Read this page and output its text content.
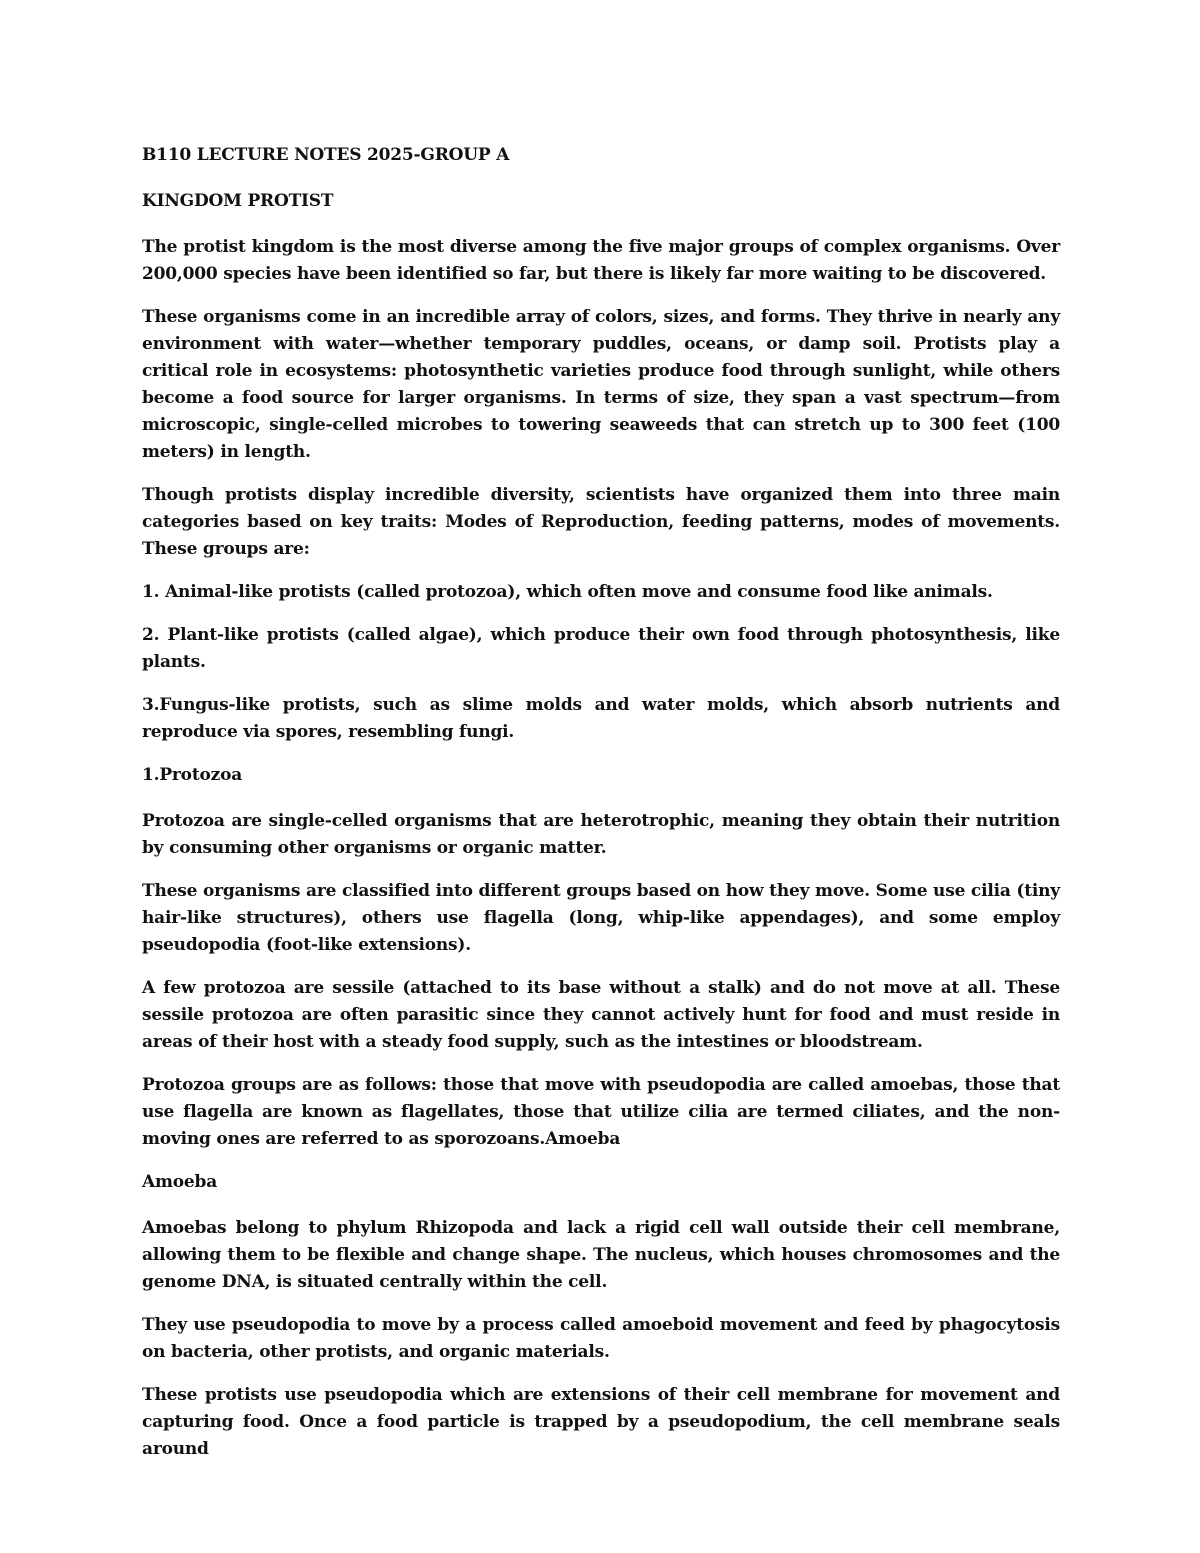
B110 LECTURE NOTES 2025-GROUP A

KINGDOM PROTIST

The protist kingdom is the most diverse among the five major groups of complex organisms. Over 200,000 species have been identified so far, but there is likely far more waiting to be discovered.

These organisms come in an incredible array of colors, sizes, and forms. They thrive in nearly any environment with water—whether temporary puddles, oceans, or damp soil. Protists play a critical role in ecosystems: photosynthetic varieties produce food through sunlight, while others become a food source for larger organisms. In terms of size, they span a vast spectrum—from microscopic, single-celled microbes to towering seaweeds that can stretch up to 300 feet (100 meters) in length.

Though protists display incredible diversity, scientists have organized them into three main categories based on key traits: Modes of Reproduction, feeding patterns, modes of movements. These groups are:

1. Animal-like protists (called protozoa), which often move and consume food like animals.

2. Plant-like protists (called algae), which produce their own food through photosynthesis, like plants.

3.Fungus-like protists, such as slime molds and water molds, which absorb nutrients and reproduce via spores, resembling fungi.

1.Protozoa

Protozoa are single-celled organisms that are heterotrophic, meaning they obtain their nutrition by consuming other organisms or organic matter.

These organisms are classified into different groups based on how they move. Some use cilia (tiny hair-like structures), others use flagella (long, whip-like appendages), and some employ pseudopodia (foot-like extensions).

A few protozoa are sessile (attached to its base without a stalk) and do not move at all. These sessile protozoa are often parasitic since they cannot actively hunt for food and must reside in areas of their host with a steady food supply, such as the intestines or bloodstream.

Protozoa groups are as follows: those that move with pseudopodia are called amoebas, those that use flagella are known as flagellates, those that utilize cilia are termed ciliates, and the non-moving ones are referred to as sporozoans.Amoeba

Amoeba

Amoebas belong to phylum Rhizopoda and lack a rigid cell wall outside their cell membrane, allowing them to be flexible and change shape. The nucleus, which houses chromosomes and the genome DNA, is situated centrally within the cell.

They use pseudopodia to move by a process called amoeboid movement and feed by phagocytosis on bacteria, other protists, and organic materials.

These protists use pseudopodia which are extensions of their cell membrane for movement and capturing food. Once a food particle is trapped by a pseudopodium, the cell membrane seals around
